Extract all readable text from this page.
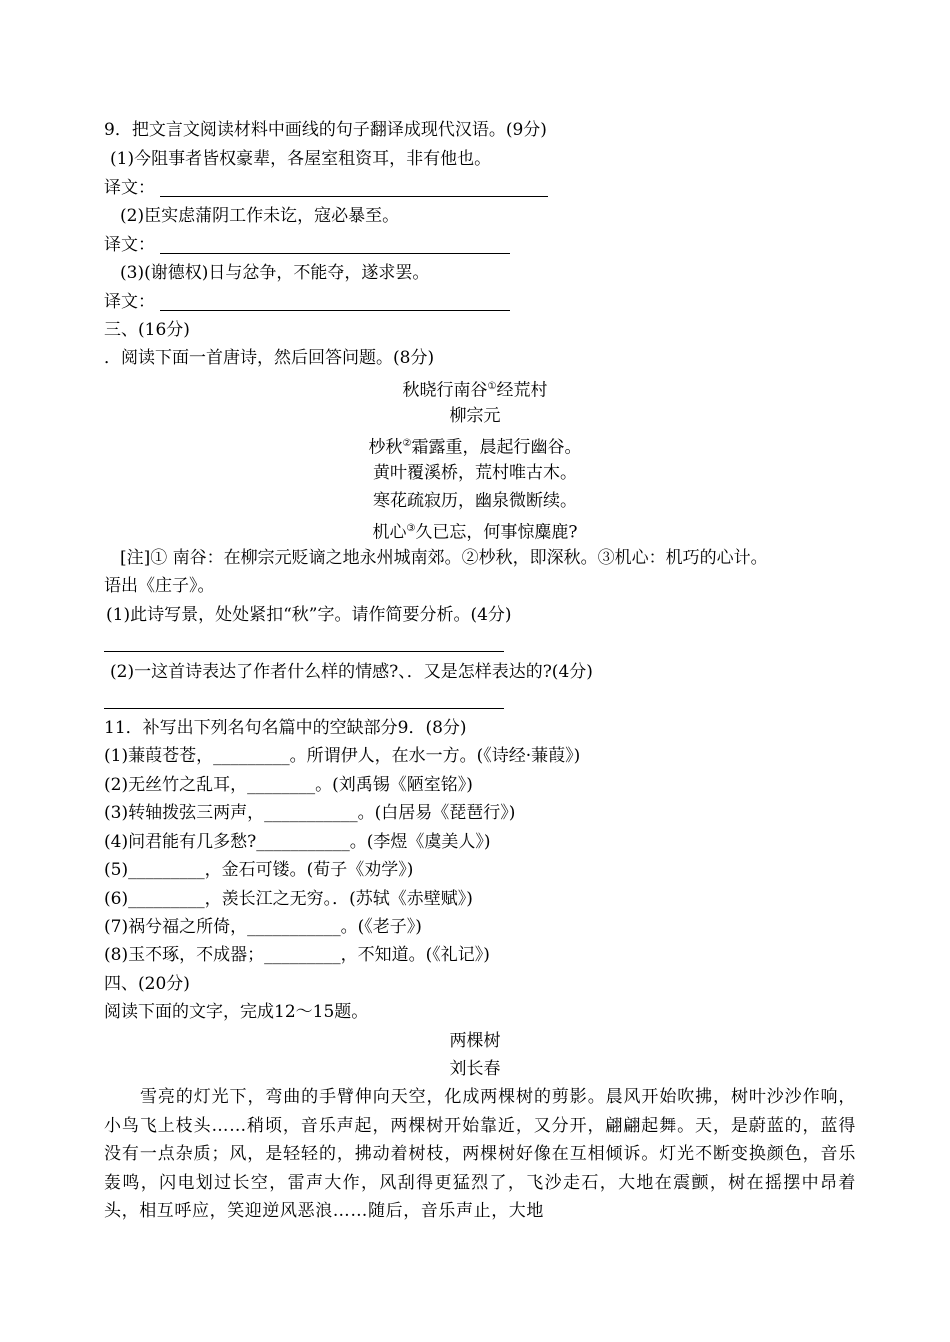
9．把文言文阅读材料中画线的句子翻译成现代汉语。(9分)
(1)今阻事者皆权豪辈，各屋室租资耳，非有他也。
译文：
(2)臣实虑蒲阴工作未讫，寇必暴至。
译文：
(3)(谢德权)日与忿争，不能夺，遂求罢。
译文：
三、(16分)
．阅读下面一首唐诗，然后回答问题。(8分)
秋晓行南谷①经荒村
柳宗元
杪秋②霜露重，晨起行幽谷。
黄叶覆溪桥，荒村唯古木。
寒花疏寂历，幽泉微断续。
机心③久已忘，何事惊麋鹿?
[注]① 南谷：在柳宗元贬谪之地永州城南郊。②杪秋，即深秋。③机心：机巧的心计。
语出《庄子》。
(1)此诗写景，处处紧扣“秋”字。请作简要分析。(4分)
(2)一这首诗表达了作者什么样的情感?、．又是怎样表达的?(4分)
11．补写出下列名句名篇中的空缺部分9．(8分)
(1)蒹葭苍苍，_________。所谓伊人，在水一方。(《诗经·蒹葭》)
(2)无丝竹之乱耳，________。(刘禹锡《陋室铭》)
(3)转轴拨弦三两声，___________。(白居易《琵琶行》)
(4)问君能有几多愁?___________。(李煜《虞美人》)
(5)_________，金石可镂。(荀子《劝学》)
(6)_________，羡长江之无穷。．(苏轼《赤壁赋》)
(7)祸兮福之所倚，___________。(《老子》)
(8)玉不琢，不成器；_________，不知道。(《礼记》)
四、(20分)
阅读下面的文字，完成12～15题。
两棵树
刘长春
雪亮的灯光下，弯曲的手臂伸向天空，化成两棵树的剪影。晨风开始吹拂，树叶沙沙作响，小鸟飞上枝头……稍顷，音乐声起，两棵树开始靠近，又分开，翩翩起舞。天，是蔚蓝的，蓝得没有一点杂质；风，是轻轻的，拂动着树枝，两棵树好像在互相倾诉。灯光不断变换颜色，音乐轰鸣，闪电划过长空，雷声大作，风刮得更猛烈了，飞沙走石，大地在震颤，树在摇摆中昂着头，相互呼应，笑迎逆风恶浪……随后，音乐声止，大地
